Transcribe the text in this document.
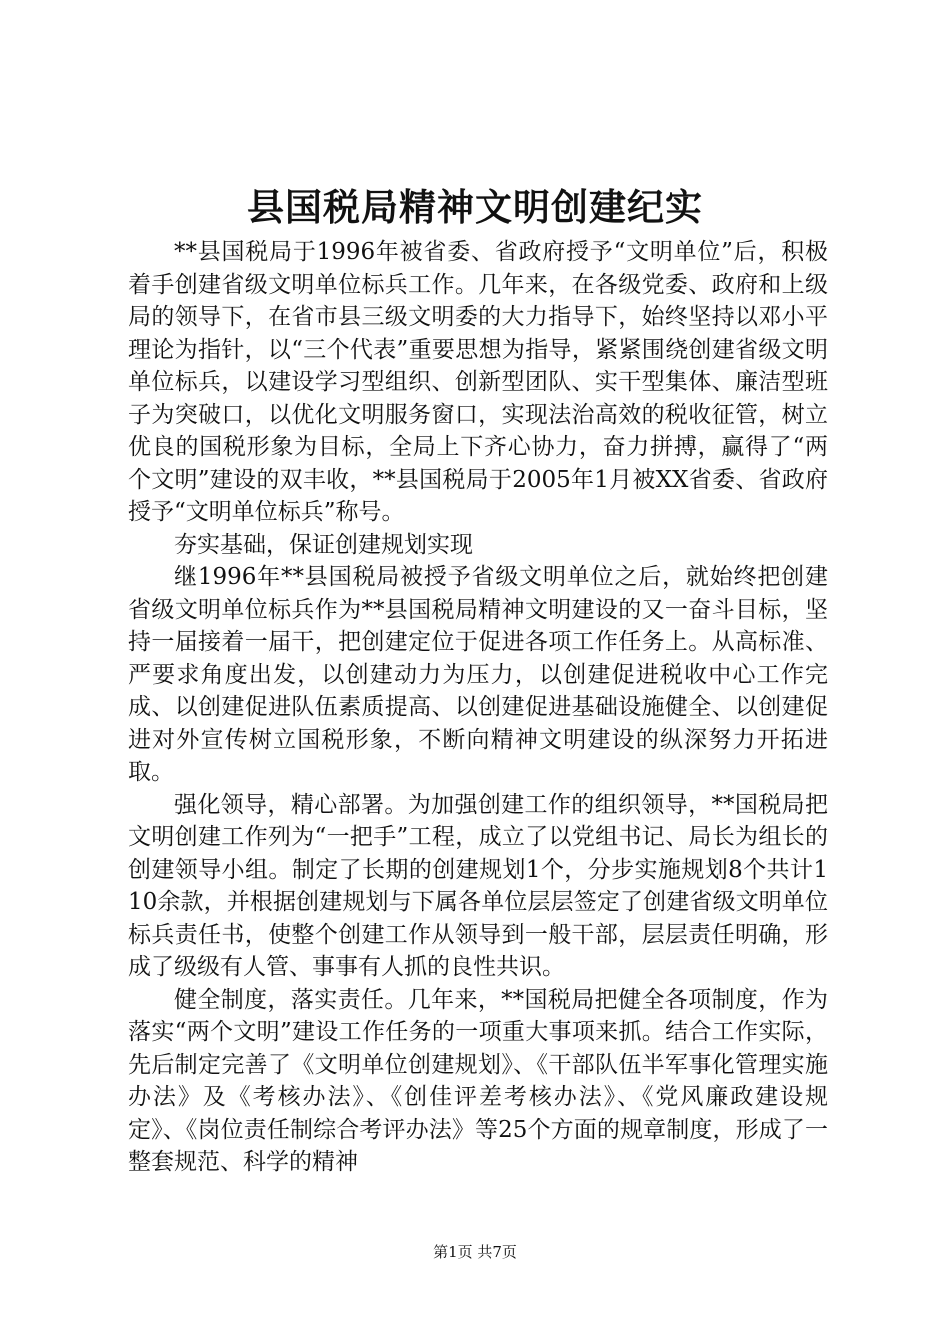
县国税局精神文明创建纪实

**县国税局于1996年被省委、省政府授予“文明单位”后，积极着手创建省级文明单位标兵工作。几年来，在各级党委、政府和上级局的领导下，在省市县三级文明委的大力指导下，始终坚持以邓小平理论为指针，以“三个代表”重要思想为指导，紧紧围绕创建省级文明单位标兵，以建设学习型组织、创新型团队、实干型集体、廉洁型班子为突破口，以优化文明服务窗口，实现法治高效的税收征管，树立优良的国税形象为目标，全局上下齐心协力，奋力拼搏，赢得了“两个文明”建设的双丰收，**县国税局于2005年1月被XX省委、省政府授予“文明单位标兵”称号。

夯实基础，保证创建规划实现

继1996年**县国税局被授予省级文明单位之后，就始终把创建省级文明单位标兵作为**县国税局精神文明建设的又一奋斗目标，坚持一届接着一届干，把创建定位于促进各项工作任务上。从高标准、严要求角度出发，以创建动力为压力，以创建促进税收中心工作完成、以创建促进队伍素质提高、以创建促进基础设施健全、以创建促进对外宣传树立国税形象，不断向精神文明建设的纵深努力开拓进取。

强化领导，精心部署。为加强创建工作的组织领导，**国税局把文明创建工作列为“一把手”工程，成立了以党组书记、局长为组长的创建领导小组。制定了长期的创建规划1个，分步实施规划8个共计110余款，并根据创建规划与下属各单位层层签定了创建省级文明单位标兵责任书，使整个创建工作从领导到一般干部，层层责任明确，形成了级级有人管、事事有人抓的良性共识。

健全制度，落实责任。几年来，**国税局把健全各项制度，作为落实“两个文明”建设工作任务的一项重大事项来抓。结合工作实际，先后制定完善了《文明单位创建规划》、《干部队伍半军事化管理实施办法》及《考核办法》、《创佳评差考核办法》、《党风廉政建设规定》、《岗位责任制综合考评办法》等25个方面的规章制度，形成了一整套规范、科学的精神

第1页 共7页
